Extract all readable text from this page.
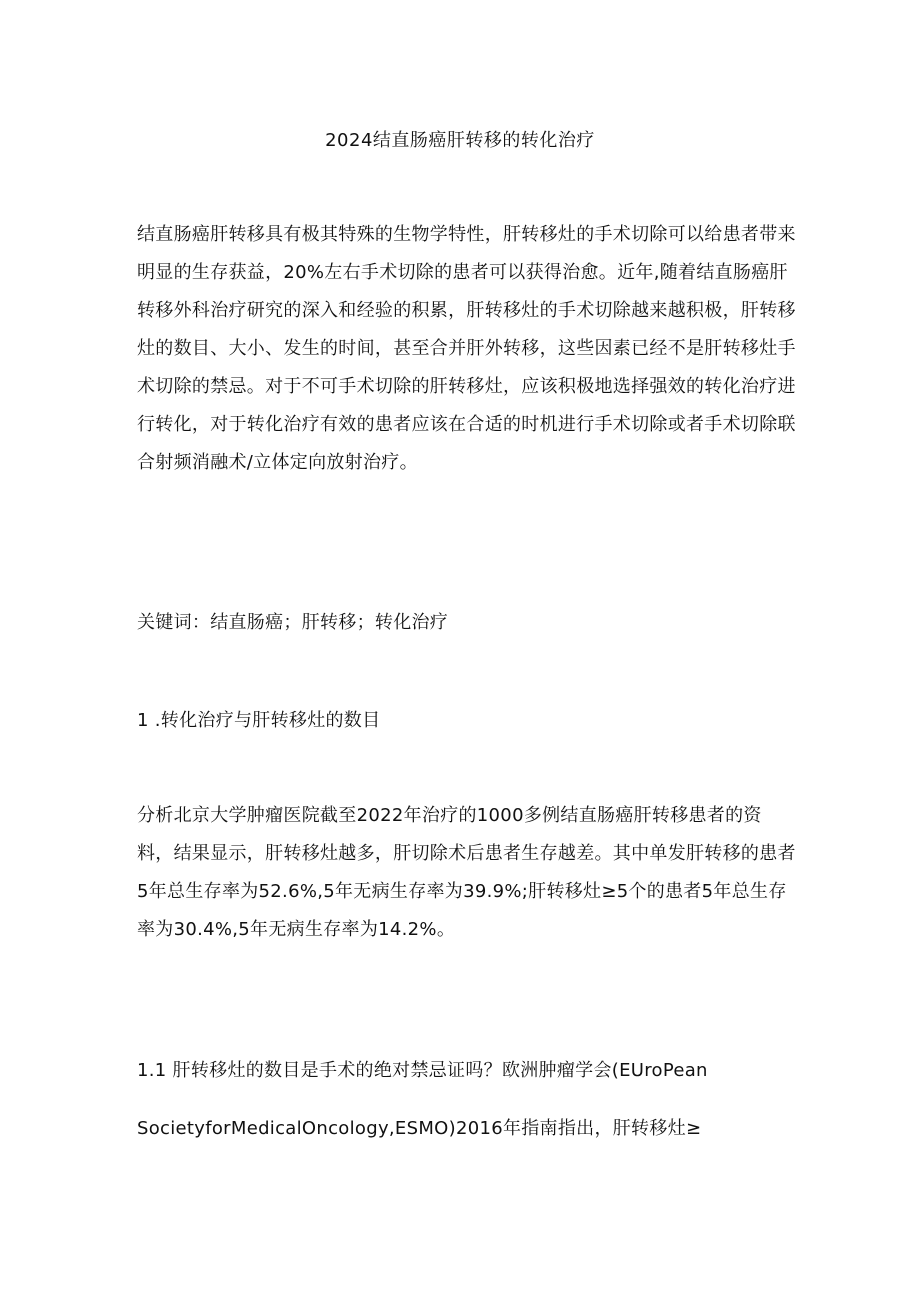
2024结直肠癌肝转移的转化治疗

结直肠癌肝转移具有极其特殊的生物学特性，肝转移灶的手术切除可以给患者带来明显的生存获益，20%左右手术切除的患者可以获得治愈。近年,随着结直肠癌肝转移外科治疗研究的深入和经验的积累，肝转移灶的手术切除越来越积极，肝转移灶的数目、大小、发生的时间，甚至合并肝外转移，这些因素已经不是肝转移灶手术切除的禁忌。对于不可手术切除的肝转移灶，应该积极地选择强效的转化治疗进行转化，对于转化治疗有效的患者应该在合适的时机进行手术切除或者手术切除联合射频消融术/立体定向放射治疗。

关键词：结直肠癌；肝转移；转化治疗

1 .转化治疗与肝转移灶的数目

分析北京大学肿瘤医院截至2022年治疗的1000多例结直肠癌肝转移患者的资料，结果显示，肝转移灶越多，肝切除术后患者生存越差。其中单发肝转移的患者5年总生存率为52.6%,5年无病生存率为39.9%;肝转移灶≥5个的患者5年总生存率为30.4%,5年无病生存率为14.2%。

1.1 肝转移灶的数目是手术的绝对禁忌证吗？欧洲肿瘤学会(EUroPean SocietyforMedicalOncology,ESMO)2016年指南指出，肝转移灶≥
